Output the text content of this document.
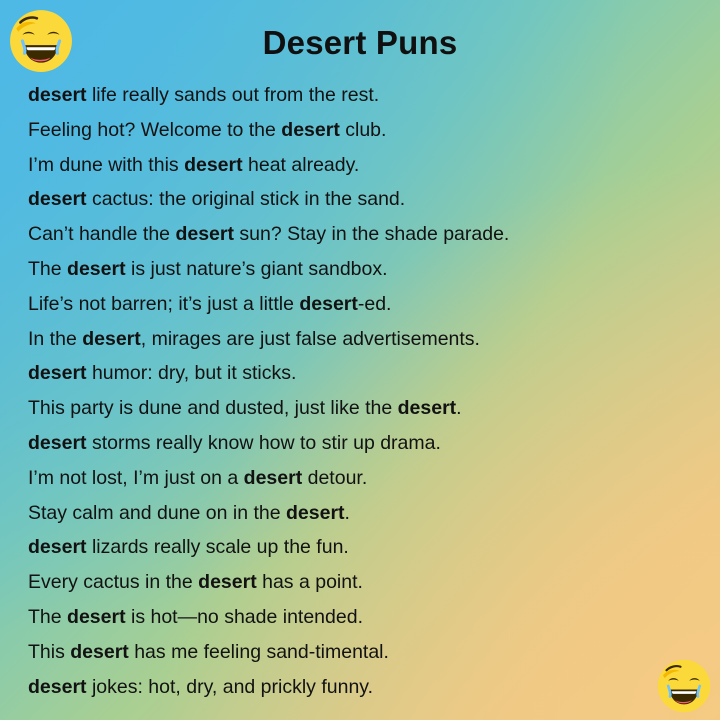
Desert Puns
desert life really sands out from the rest.
Feeling hot? Welcome to the desert club.
I’m dune with this desert heat already.
desert cactus: the original stick in the sand.
Can’t handle the desert sun? Stay in the shade parade.
The desert is just nature’s giant sandbox.
Life’s not barren; it’s just a little desert-ed.
In the desert, mirages are just false advertisements.
desert humor: dry, but it sticks.
This party is dune and dusted, just like the desert.
desert storms really know how to stir up drama.
I’m not lost, I’m just on a desert detour.
Stay calm and dune on in the desert.
desert lizards really scale up the fun.
Every cactus in the desert has a point.
The desert is hot—no shade intended.
This desert has me feeling sand-timental.
desert jokes: hot, dry, and prickly funny.
